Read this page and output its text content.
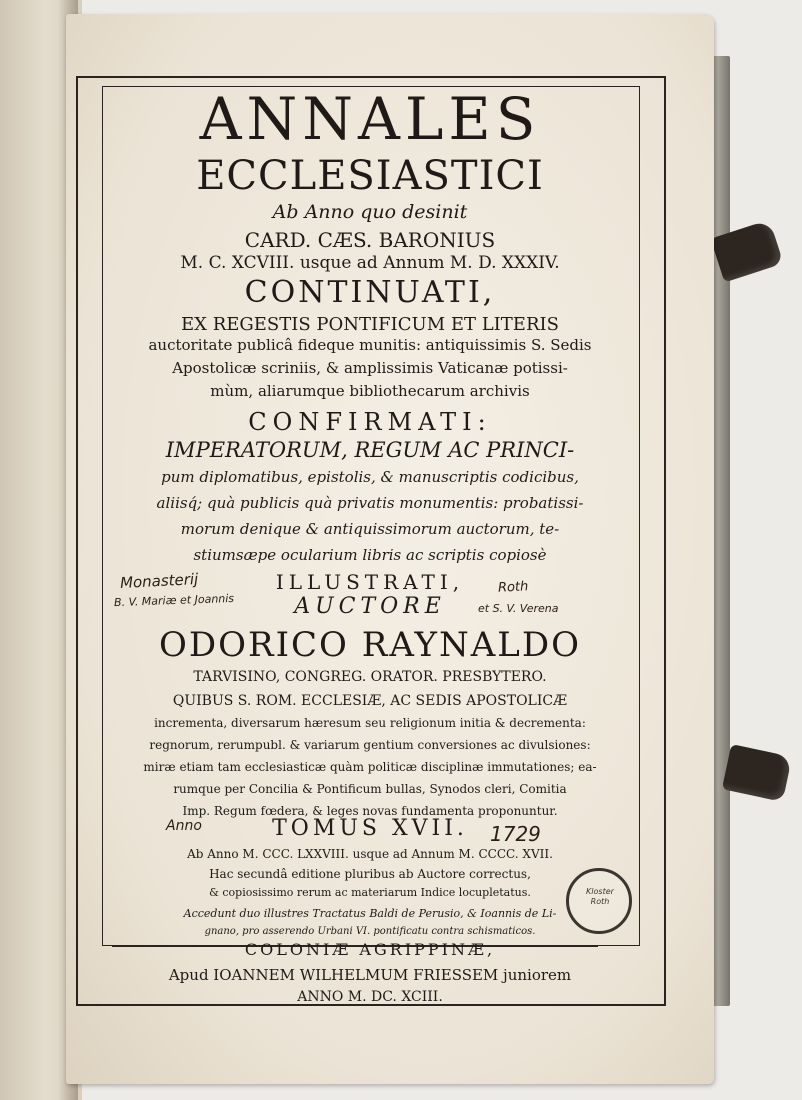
ANNALES

ECCLESIASTICI

Ab Anno quo desinit

CARD. CÆS. BARONIUS

M. C. XCVIII. usque ad Annum M. D. XXXIV.

CONTINUATI,

EX REGESTIS PONTIFICUM ET LITERIS

auctoritate publicâ fideque munitis: antiquissimis S. Sedis

Apostolicæ scriniis, & amplissimis Vaticanæ potissi-

mùm, aliarumque bibliothecarum archivis

CONFIRMATI:

IMPERATORUM, REGUM AC PRINCI-

pum diplomatibus, epistolis, & manuscriptis codicibus,

aliisq́; quà publicis quà privatis monumentis: probatissi-

morum denique & antiquissimorum auctorum, te-

stiumsæpe ocularium libris ac scriptis copiosè

ILLUSTRATI,

AUCTORE

ODORICO RAYNALDO

TARVISINO, CONGREG. ORATOR. PRESBYTERO.

QUIBUS S. ROM. ECCLESIÆ, AC SEDIS APOSTOLICÆ

incrementa, diversarum hæresum seu religionum initia & decrementa:

regnorum, rerumpubl. & variarum gentium conversiones ac divulsiones:

miræ etiam tam ecclesiasticæ quàm politicæ disciplinæ immutationes; ea-

rumque per Concilia & Pontificum bullas, Synodos cleri, Comitia

Imp. Regum fœdera, & leges novas fundamenta proponuntur.

TOMUS XVII.

Ab Anno M. CCC. LXXVIII. usque ad Annum M. CCCC. XVII.

Hac secundâ editione pluribus ab Auctore correctus,

& copiosissimo rerum ac materiarum Indice locupletatus.

Accedunt duo illustres Tractatus Baldi de Perusio, & Ioannis de Li-

gnano, pro asserendo Urbani VI. pontificatu contra schismaticos.

COLONIÆ AGRIPPINÆ,

Apud IOANNEM WILHELMUM FRIESSEM juniorem

ANNO M. DC. XCIII.

Monasterij
B. V. Mariæ et Joannis
Roth
et S. V. Verena
Anno	1729
Kloster Roth
